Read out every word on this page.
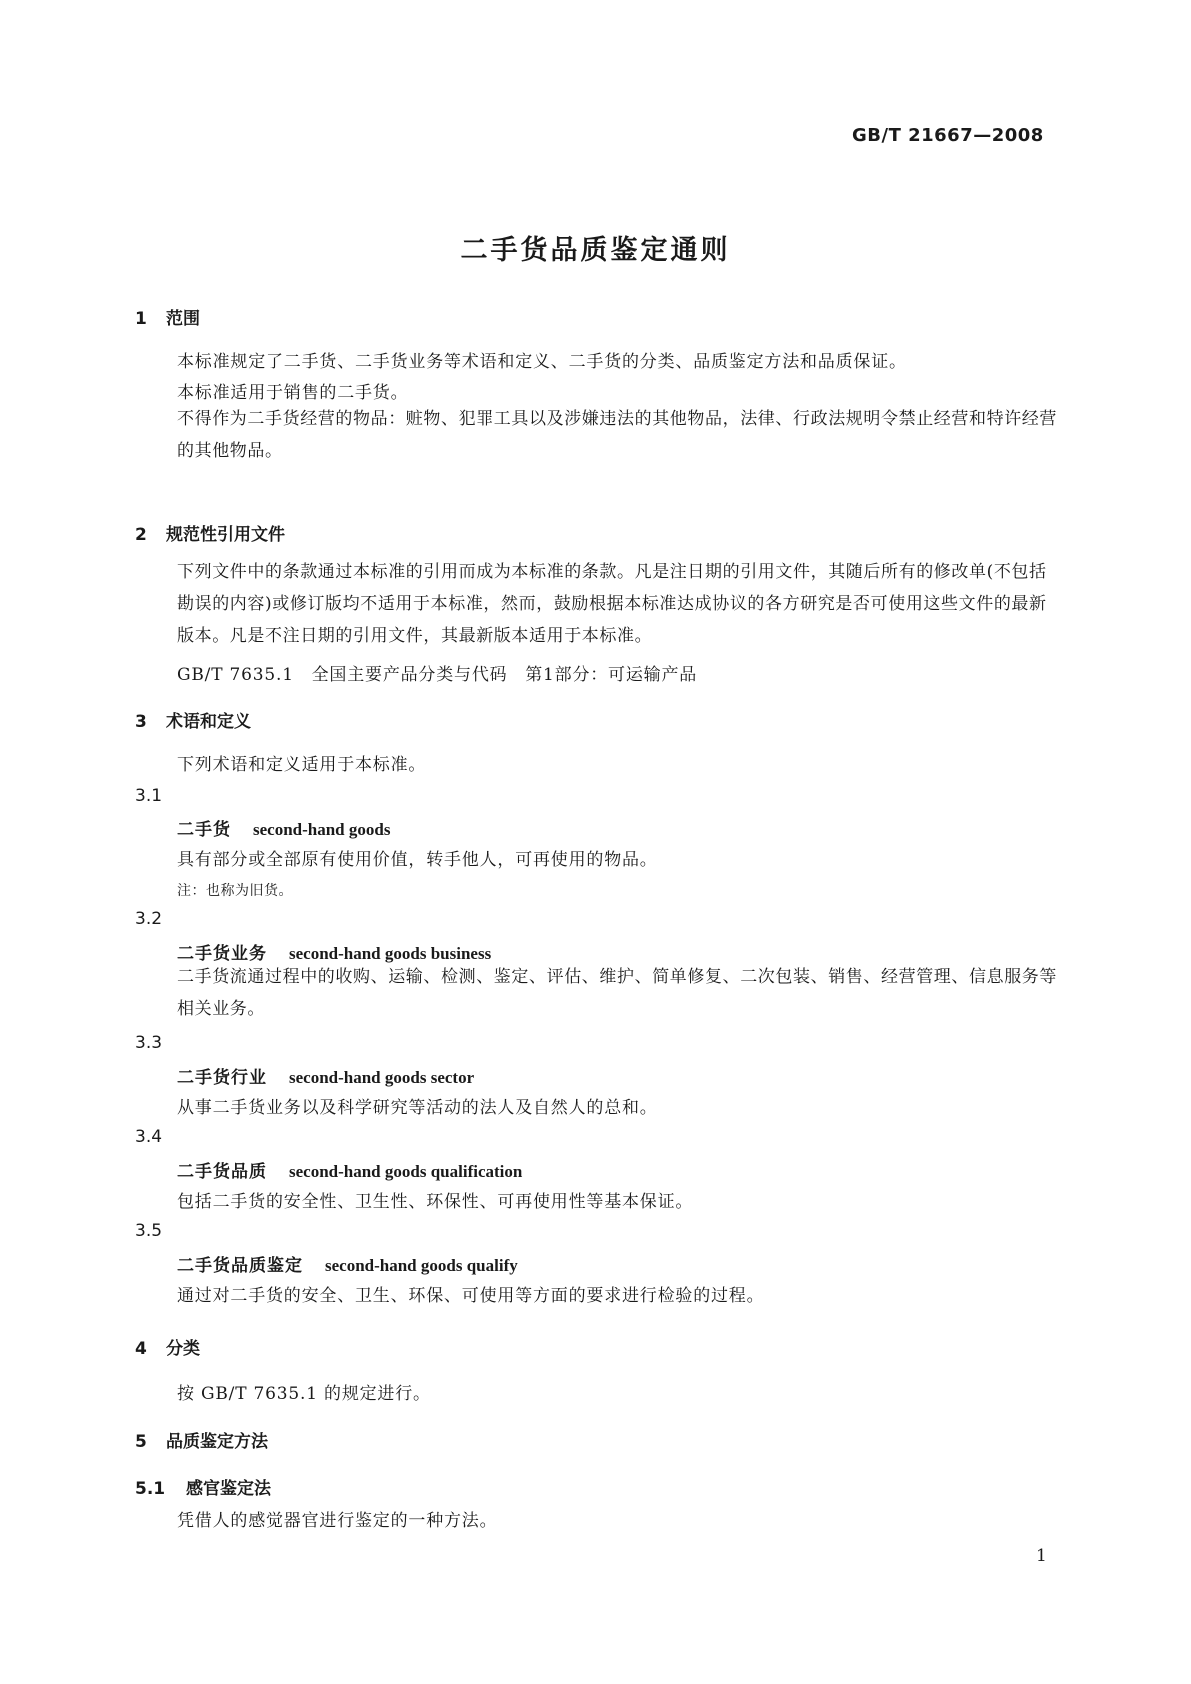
GB/T 21667—2008
二手货品质鉴定通则
1 范围
本标准规定了二手货、二手货业务等术语和定义、二手货的分类、品质鉴定方法和品质保证。
本标准适用于销售的二手货。
不得作为二手货经营的物品：赃物、犯罪工具以及涉嫌违法的其他物品，法律、行政法规明令禁止经营和特许经营的其他物品。
2 规范性引用文件
下列文件中的条款通过本标准的引用而成为本标准的条款。凡是注日期的引用文件，其随后所有的修改单(不包括勘误的内容)或修订版均不适用于本标准，然而，鼓励根据本标准达成协议的各方研究是否可使用这些文件的最新版本。凡是不注日期的引用文件，其最新版本适用于本标准。
GB/T 7635.1　全国主要产品分类与代码　第1部分：可运输产品
3 术语和定义
下列术语和定义适用于本标准。
3.1
二手货 second-hand goods
具有部分或全部原有使用价值，转手他人，可再使用的物品。
注：也称为旧货。
3.2
二手货业务 second-hand goods business
二手货流通过程中的收购、运输、检测、鉴定、评估、维护、简单修复、二次包装、销售、经营管理、信息服务等相关业务。
3.3
二手货行业 second-hand goods sector
从事二手货业务以及科学研究等活动的法人及自然人的总和。
3.4
二手货品质 second-hand goods qualification
包括二手货的安全性、卫生性、环保性、可再使用性等基本保证。
3.5
二手货品质鉴定 second-hand goods qualify
通过对二手货的安全、卫生、环保、可使用等方面的要求进行检验的过程。
4 分类
按 GB/T 7635.1 的规定进行。
5 品质鉴定方法
5.1 感官鉴定法
凭借人的感觉器官进行鉴定的一种方法。
1
